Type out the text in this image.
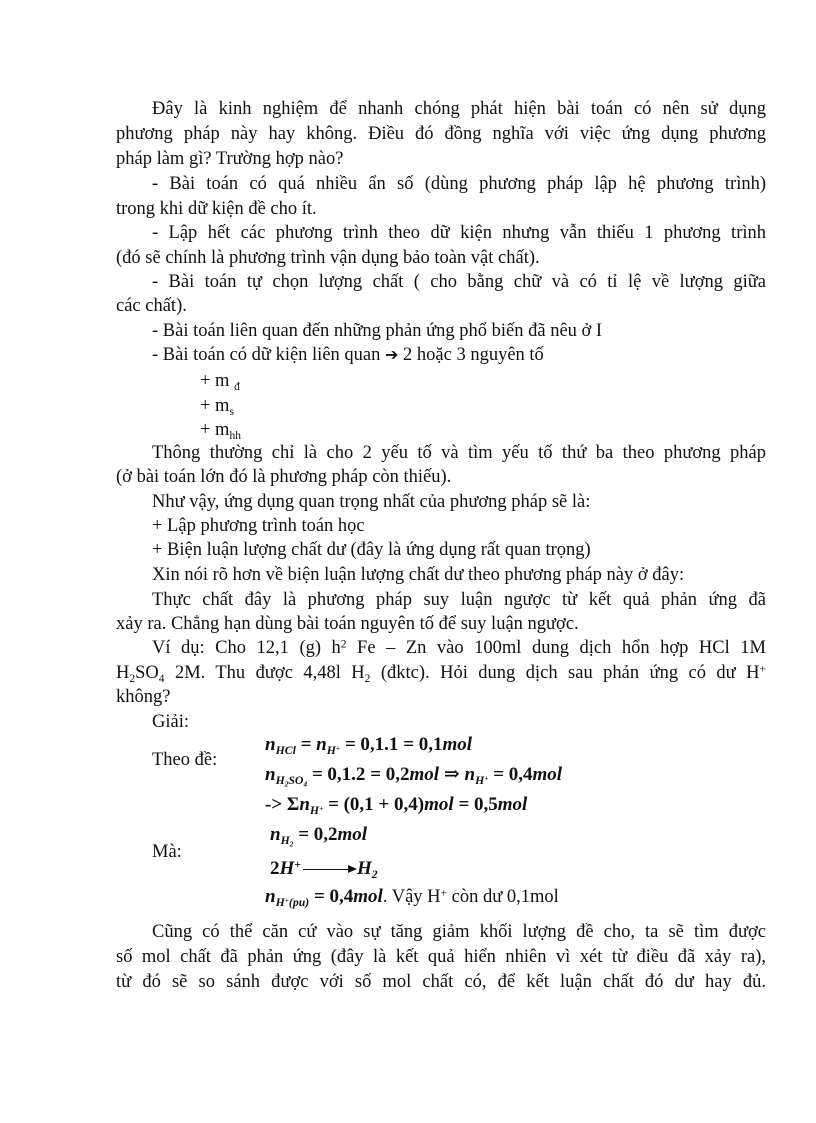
Đây là kinh nghiệm để nhanh chóng phát hiện bài toán có nên sử dụng
phương pháp này hay không. Điều đó đồng nghĩa với việc ứng dụng phương
pháp làm gì? Trường hợp nào?
- Bài toán có quá nhiều ẩn số (dùng phương pháp lập hệ phương trình)
trong khi dữ kiện đề cho ít.
- Lập hết các phương trình theo dữ kiện nhưng vẫn thiếu 1 phương trình
(đó sẽ chính là phương trình vận dụng bảo toàn vật chất).
- Bài toán tự chọn lượng chất ( cho bằng chữ và có tỉ lệ về lượng giữa
các chất).
- Bài toán liên quan đến những phản ứng phổ biến đã nêu ở I
- Bài toán có dữ kiện liên quan ➔ 2 hoặc 3 nguyên tố
+ m $_đ$
+ $m_s$
+ $m_{hh}$
Thông thường chỉ là cho 2 yếu tố và tìm yếu tố thứ ba theo phương pháp
(ở bài toán lớn đó là phương pháp còn thiếu).
Như vậy, ứng dụng quan trọng nhất của phương pháp sẽ là:
+ Lập phương trình toán học
+ Biện luận lượng chất dư (đây là ứng dụng rất quan trọng)
Xin nói rõ hơn về biện luận lượng chất dư theo phương pháp này ở đây:
Thực chất đây là phương pháp suy luận ngược từ kết quả phản ứng đã
xảy ra. Chẳng hạn dùng bài toán nguyên tố để suy luận ngược.
Ví dụ: Cho 12,1 (g) $h^2$ Fe – Zn vào 100ml dung dịch hổn hợp HCl 1M
$H_2SO_4$ 2M. Thu được 4,48l $H_2$ (đktc). Hỏi dung dịch sau phản ứng có dư H+
không?
Giải:
Theo đề:
Mà:
$n_{HCl} = n_{H^+} = 0,1.1 = 0,1mol$
$n_{H_2SO_4} = 0,1.2 = 0,2mol$ ⇒ $n_{H^+} = 0,4mol$
-> $\Sigma n_{H^+} = (0,1 + 0,4)mol = 0,5mol$
$n_{H_2} = 0,2mol$
$2H^+ \to H_2$
$n_{H^+(pu)} = 0,4mol$. Vậy H+ còn dư 0,1mol
Cũng có thể căn cứ vào sự tăng giảm khối lượng đề cho, ta sẽ tìm được
số mol chất đã phản ứng (đây là kết quả hiển nhiên vì xét từ điều đã xảy ra),
từ đó sẽ so sánh được với số mol chất có, để kết luận chất đó dư hay đủ.
